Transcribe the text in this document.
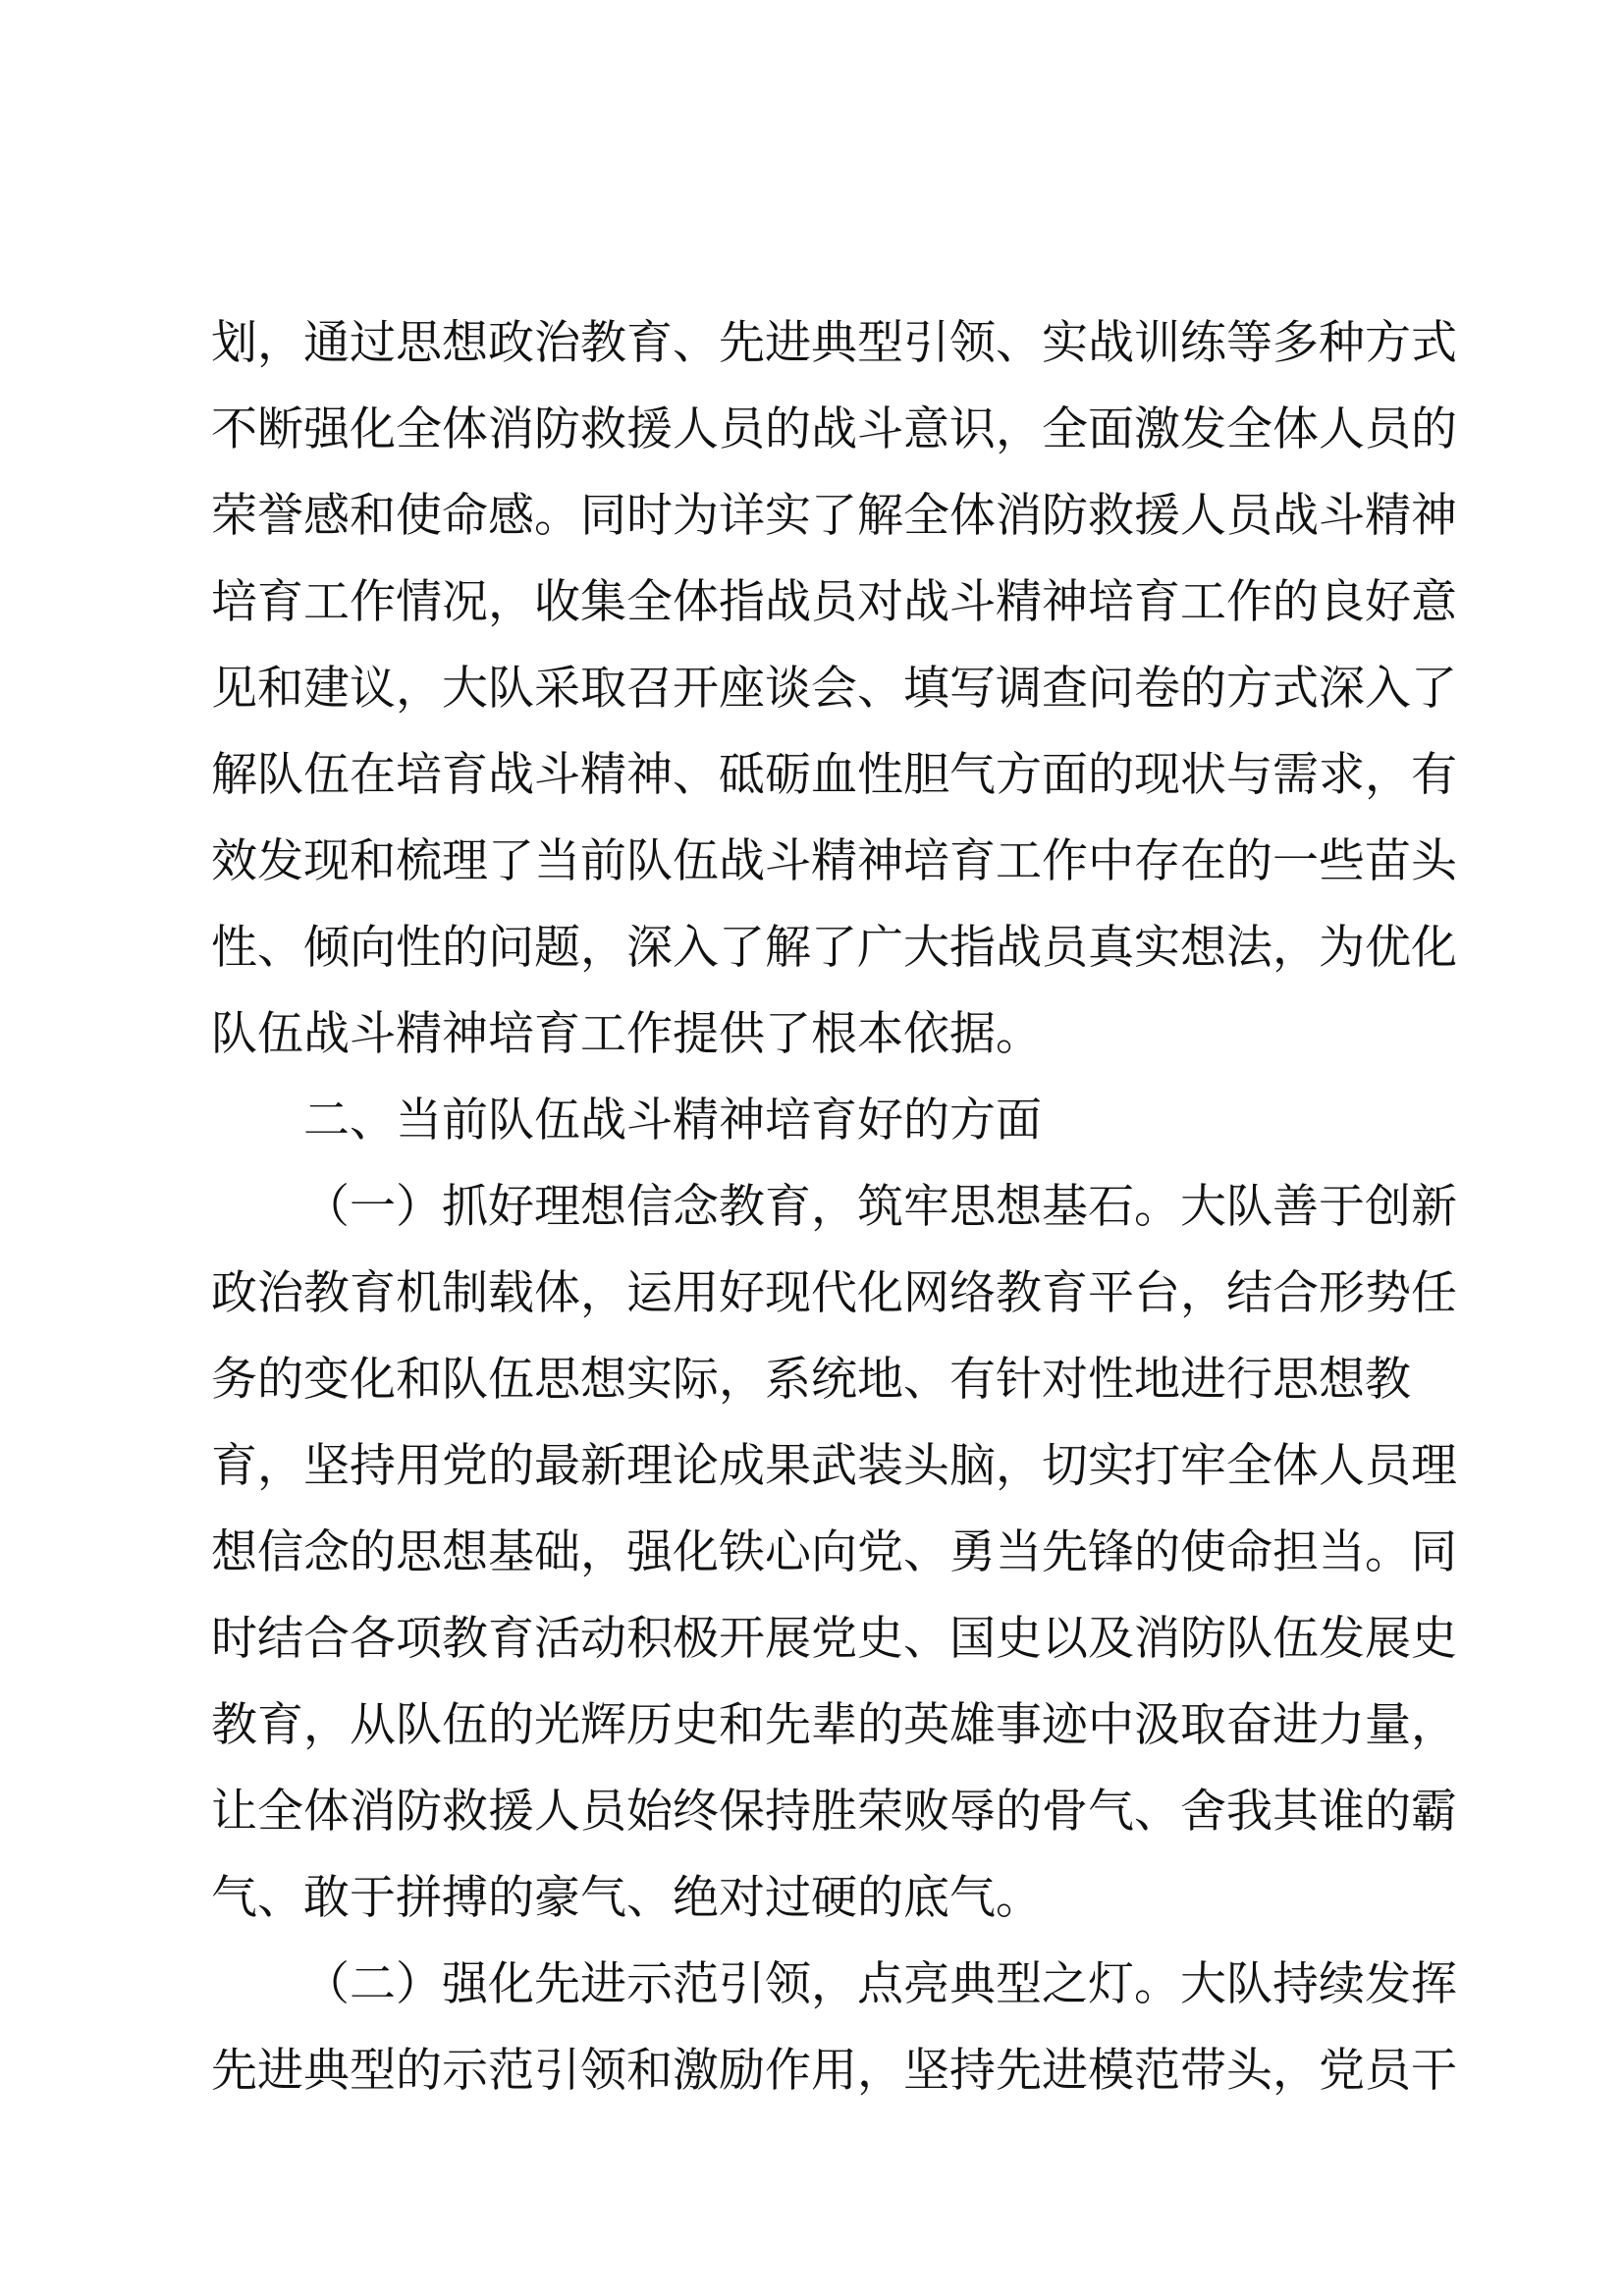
划，通过思想政治教育、先进典型引领、实战训练等多种方式
不断强化全体消防救援人员的战斗意识，全面激发全体人员的
荣誉感和使命感。同时为详实了解全体消防救援人员战斗精神
培育工作情况，收集全体指战员对战斗精神培育工作的良好意
见和建议，大队采取召开座谈会、填写调查问卷的方式深入了
解队伍在培育战斗精神、砥砺血性胆气方面的现状与需求，有
效发现和梳理了当前队伍战斗精神培育工作中存在的一些苗头
性、倾向性的问题，深入了解了广大指战员真实想法，为优化
队伍战斗精神培育工作提供了根本依据。
二、当前队伍战斗精神培育好的方面
（一）抓好理想信念教育，筑牢思想基石。大队善于创新
政治教育机制载体，运用好现代化网络教育平台，结合形势任
务的变化和队伍思想实际，系统地、有针对性地进行思想教
育，坚持用党的最新理论成果武装头脑，切实打牢全体人员理
想信念的思想基础，强化铁心向党、勇当先锋的使命担当。同
时结合各项教育活动积极开展党史、国史以及消防队伍发展史
教育，从队伍的光辉历史和先辈的英雄事迹中汲取奋进力量，
让全体消防救援人员始终保持胜荣败辱的骨气、舍我其谁的霸
气、敢于拼搏的豪气、绝对过硬的底气。
（二）强化先进示范引领，点亮典型之灯。大队持续发挥
先进典型的示范引领和激励作用，坚持先进模范带头，党员干
